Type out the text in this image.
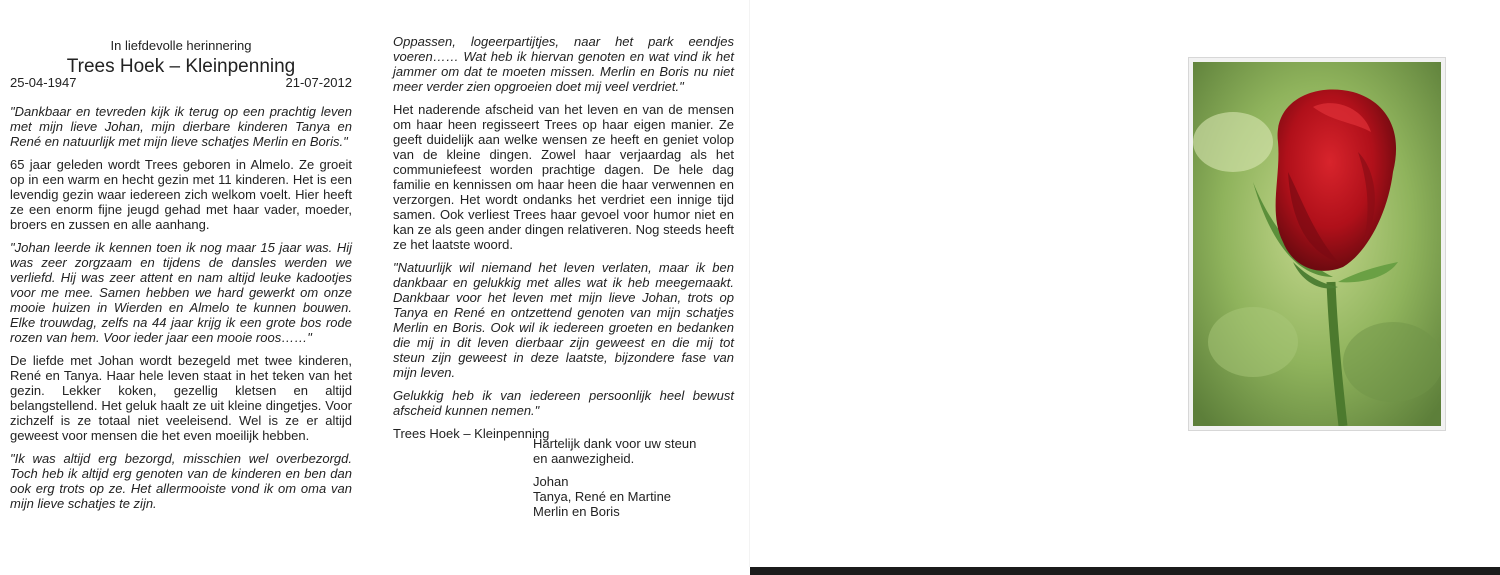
In liefdevolle herinnering
Trees Hoek – Kleinpenning
25-04-1947	21-07-2012

"Dankbaar en tevreden kijk ik terug op een prachtig leven met mijn lieve Johan, mijn dierbare kinderen Tanya en René en natuurlijk met mijn lieve schatjes Merlin en Boris."

65 jaar geleden wordt Trees geboren in Almelo. Ze groeit op in een warm en hecht gezin met 11 kinderen. Het is een levendig gezin waar iedereen zich welkom voelt. Hier heeft ze een enorm fijne jeugd gehad met haar vader, moeder, broers en zussen en alle aanhang.

"Johan leerde ik kennen toen ik nog maar 15 jaar was. Hij was zeer zorgzaam en tijdens de dansles werden we verliefd. Hij was zeer attent en nam altijd leuke kadootjes voor me mee. Samen hebben we hard gewerkt om onze mooie huizen in Wierden en Almelo te kunnen bouwen. Elke trouwdag, zelfs na 44 jaar krijg ik een grote bos rode rozen van hem. Voor ieder jaar een mooie roos……"

De liefde met Johan wordt bezegeld met twee kinderen, René en Tanya. Haar hele leven staat in het teken van het gezin. Lekker koken, gezellig kletsen en altijd belangstellend. Het geluk haalt ze uit kleine dingetjes. Voor zichzelf is ze totaal niet veeleisend. Wel is ze er altijd geweest voor mensen die het even moeilijk hebben.

"Ik was altijd erg bezorgd, misschien wel overbezorgd. Toch heb ik altijd erg genoten van de kinderen en ben dan ook erg trots op ze. Het allermooiste vond ik om oma van mijn lieve schatjes te zijn.

Oppassen, logeerpartijtjes, naar het park eendjes voeren…… Wat heb ik hiervan genoten en wat vind ik het jammer om dat te moeten missen. Merlin en Boris nu niet meer verder zien opgroeien doet mij veel verdriet."

Het naderende afscheid van het leven en van de mensen om haar heen regisseert Trees op haar eigen manier. Ze geeft duidelijk aan welke wensen ze heeft en geniet volop van de kleine dingen. Zowel haar verjaardag als het communiefeest worden prachtige dagen. De hele dag familie en kennissen om haar heen die haar verwennen en verzorgen. Het wordt ondanks het verdriet een innige tijd samen. Ook verliest Trees haar gevoel voor humor niet en kan ze als geen ander dingen relativeren. Nog steeds heeft ze het laatste woord.

"Natuurlijk wil niemand het leven verlaten, maar ik ben dankbaar en gelukkig met alles wat ik heb meegemaakt. Dankbaar voor het leven met mijn lieve Johan, trots op Tanya en René en ontzettend genoten van mijn schatjes Merlin en Boris. Ook wil ik iedereen groeten en bedanken die mij in dit leven dierbaar zijn geweest en die mij tot steun zijn geweest in deze laatste, bijzondere fase van mijn leven.

Gelukkig heb ik van iedereen persoonlijk heel bewust afscheid kunnen nemen."

Trees Hoek – Kleinpenning
Hartelijk dank voor uw steun
en aanwezigheid.
Johan
Tanya, René en Martine
Merlin en Boris
